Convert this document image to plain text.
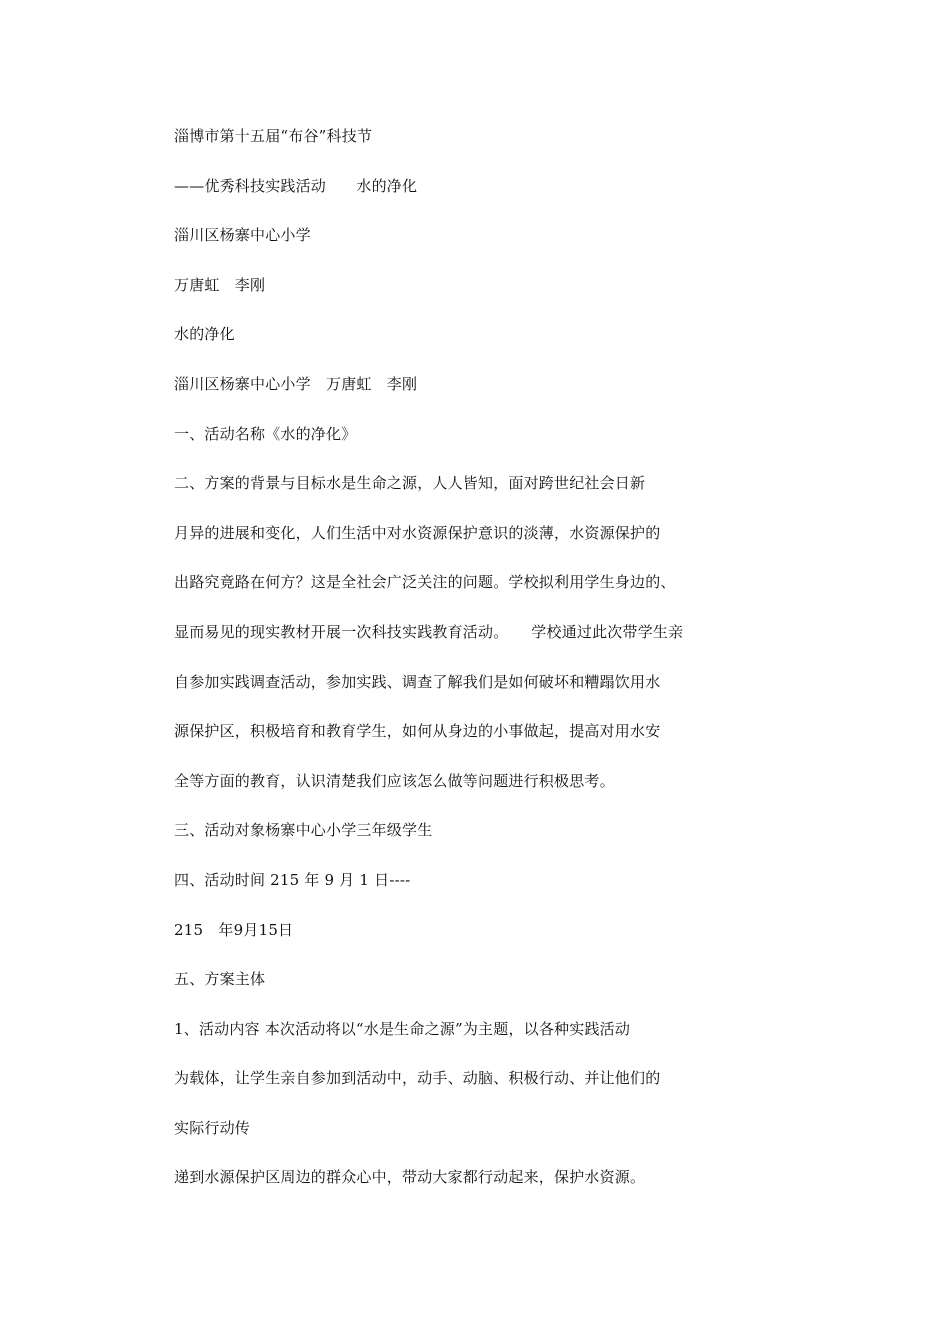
淄博市第十五届“布谷”科技节
——优秀科技实践活动　　水的净化
淄川区杨寨中心小学
万唐虹　李刚
水的净化
淄川区杨寨中心小学　万唐虹　李刚
一、活动名称《水的净化》
二、方案的背景与目标水是生命之源，人人皆知，面对跨世纪社会日新
月异的进展和变化，人们生活中对水资源保护意识的淡薄，水资源保护的
出路究竟路在何方？这是全社会广泛关注的问题。学校拟利用学生身边的、
显而易见的现实教材开展一次科技实践教育活动。　　学校通过此次带学生亲
自参加实践调查活动，参加实践、调查了解我们是如何破坏和糟蹋饮用水
源保护区，积极培育和教育学生，如何从身边的小事做起，提高对用水安
全等方面的教育，认识清楚我们应该怎么做等问题进行积极思考。
三、活动对象杨寨中心小学三年级学生
四、活动时间 215 年 9 月 1 日----
215　年9月15日
五、方案主体
1、活动内容 本次活动将以“水是生命之源”为主题，以各种实践活动
为载体，让学生亲自参加到活动中，动手、动脑、积极行动、并让他们的
实际行动传
递到水源保护区周边的群众心中，带动大家都行动起来，保护水资源。
